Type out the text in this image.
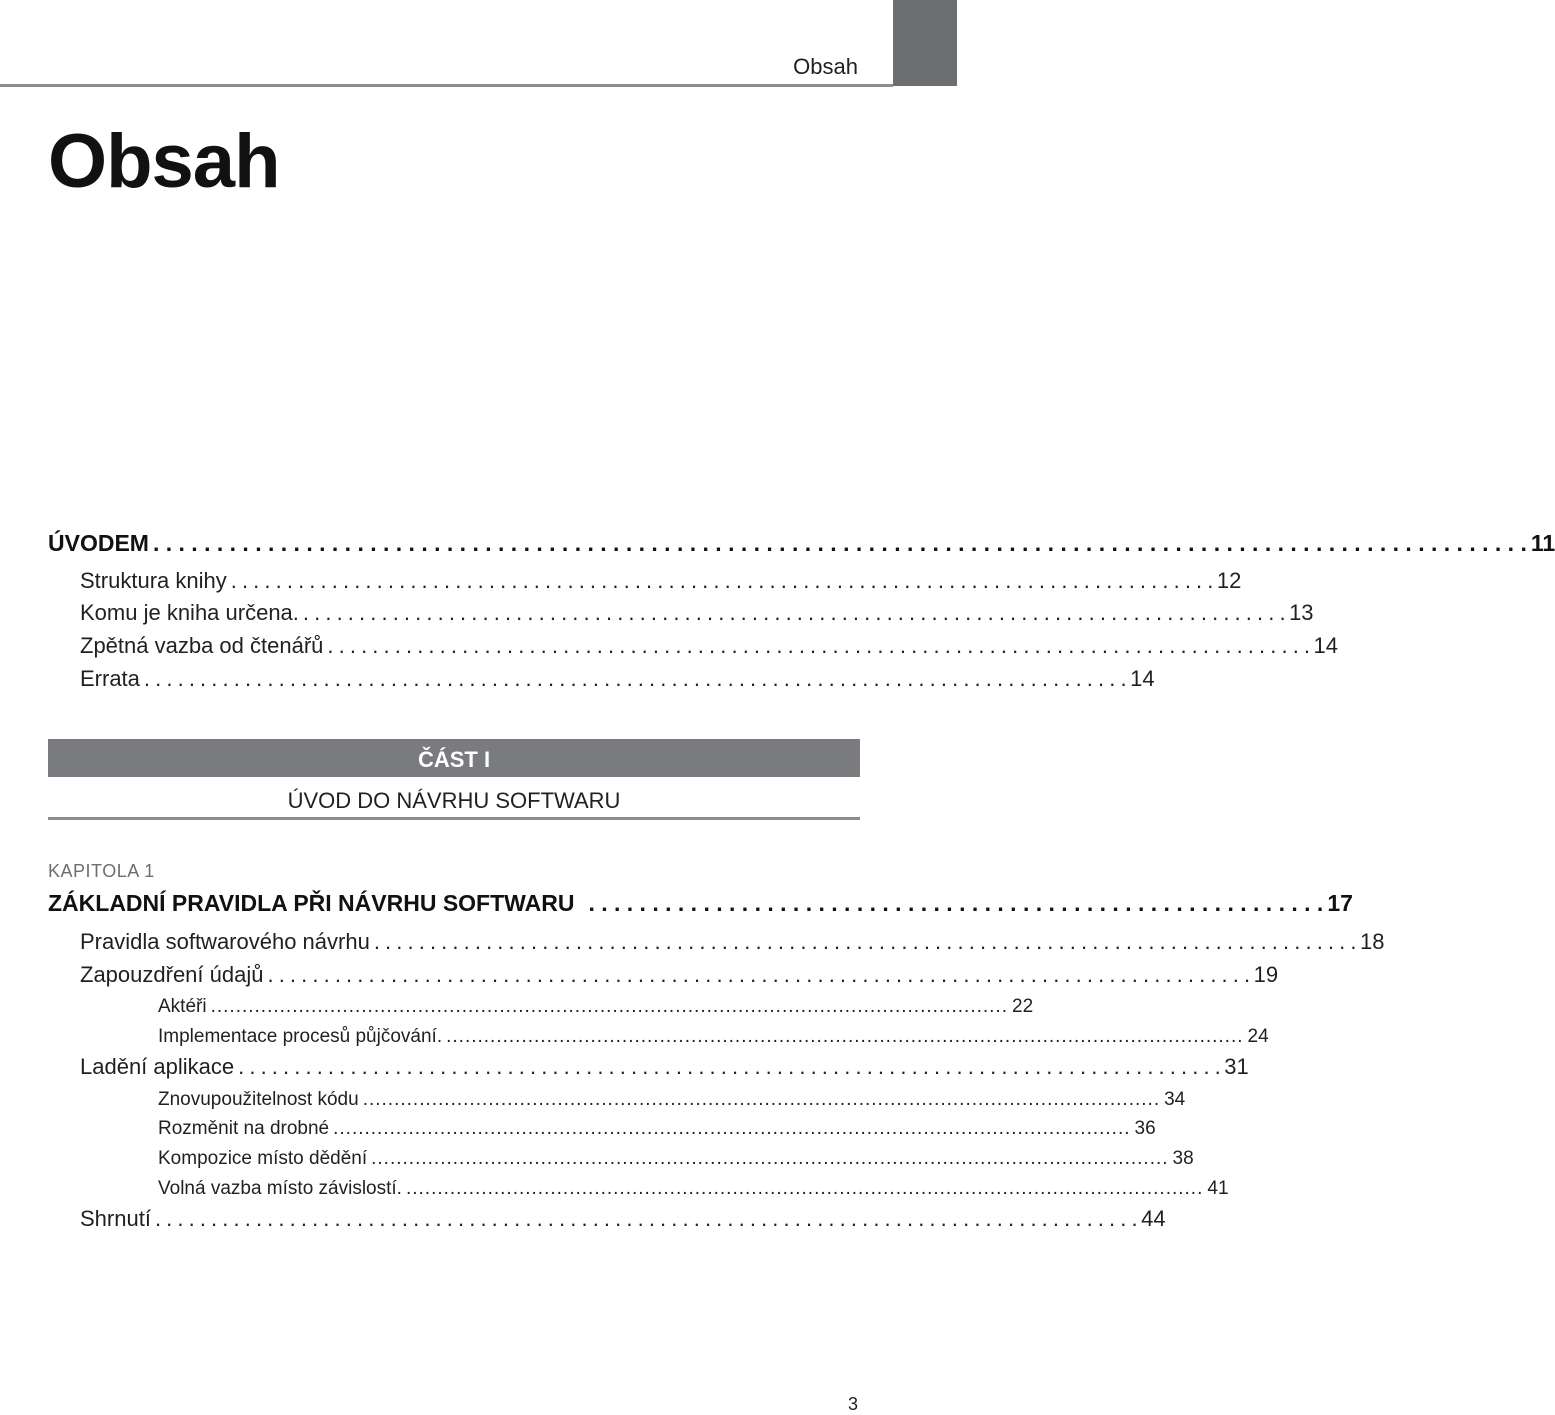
Obsah
Obsah
ÚVODEM . . .	11
Struktura knihy . . .	12
Komu je kniha určena. . . .	13
Zpětná vazba od čtenářů . . .	14
Errata . . .	14
ČÁST I
ÚVOD DO NÁVRHU SOFTWARU
KAPITOLA 1
ZÁKLADNÍ PRAVIDLA PŘI NÁVRHU SOFTWARU . . .	17
Pravidla softwarového návrhu . . .	18
Zapouzdření údajů . . .	19
Aktéři .....	22
Implementace procesů půjčování. .....	24
Ladění aplikace . . .	31
Znovupoužitelnost kódu .....	34
Rozměnit na drobné .....	36
Kompozice místo dědění .....	38
Volná vazba místo závislostí. .....	41
Shrnutí . . .	44
3
